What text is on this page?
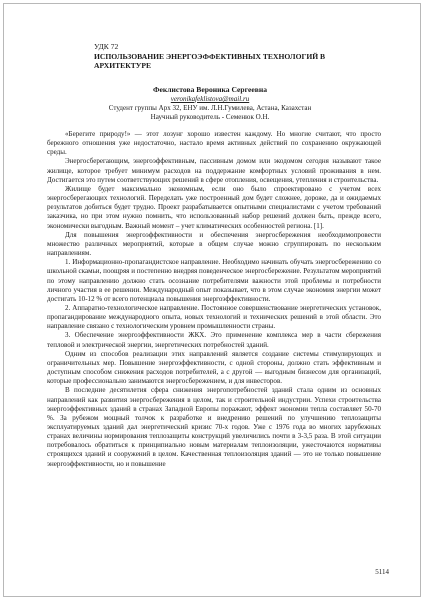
УДК 72
ИСПОЛЬЗОВАНИЕ ЭНЕРГОЭФФЕКТИВНЫХ ТЕХНОЛОГИЙ В АРХИТЕКТУРЕ
Феклистова Вероника Сергеевна
veronikafeklistova@mail.ru
Студент группы Арх 32, ЕНУ им. Л.Н.Гумилева, Астана, Казахстан
Научный руководитель - Семенюк О.Н.

«Берегите природу!» — этот лозунг хорошо известен каждому. Но многие считают, что просто бережного отношения уже недостаточно, настало время активных действий по сохранению окружающей среды.

Энергосберегающим, энергоэффективным, пассивным домом или экодомом сегодня называют такое жилище, которое требует минимум расходов на поддержание комфортных условий проживания в нем. Достигается это путем соответствующих решений в сфере отопления, освещения, утепления и строительства.

Жилище будет максимально экономным, если оно было спроектировано с учетом всех энергосберегающих технологий. Переделать уже построенный дом будет сложнее, дороже, да и ожидаемых результатов добиться будет трудно. Проект разрабатывается опытными специалистами с учетом требований заказчика, но при этом нужно помнить, что использованный набор решений должен быть, прежде всего, экономически выгодным. Важный момент – учет климатических особенностей региона. [1].

Для повышения энергоэффективности и обеспечения энергосбережения необходимопровести множество различных мероприятий, которые в общем случае можно сгруппировать по нескольким направлениям.

1. Информационно-пропагандистское направление. Необходимо начинать обучать энергосбережению со школьной скамьи, поощряя и постепенно внедряя поведенческое энергосбережение. Результатом мероприятий по этому направлению должно стать осознание потребителями важности этой проблемы и потребности личного участия в ее решении. Международный опыт показывает, что в этом случае экономия энергии может достигать 10-12 % от всего потенциала повышения энергоэффективности.

2. Аппаратно-технологическое направление. Постоянное совершенствование энергетических установок, пропагандирование международного опыта, новых технологий и технических решений в этой области. Это направление связано с технологическим уровнем промышленности страны.

3. Обеспечение энергоэффективности ЖКХ. Это применение комплекса мер в части сбережения тепловой и электрической энергии, энергетических потребностей зданий.

Одним из способов реализации этих направлений является создание системы стимулирующих и ограничительных мер. Повышение энергоэффективности, с одной стороны, должно стать эффективным и доступным способом снижения расходов потребителей, а с другой — выгодным бизнесом для организаций, которые профессионально занимаются энергосбережением, и для инвесторов.

В последние десятилетия сфера снижения энергопотребностей зданий стала одним из основных направлений как развития энергосбережения в целом, так и строительной индустрии. Успехи строительства энергоэффективных зданий в странах Западной Европы поражают, эффект экономии тепла составляет 50-70 %. За рубежом мощный толчок к разработке и внедрению решений по улучшению теплозащиты эксплуатируемых зданий дал энергетический кризис 70-х годов. Уже с 1976 года во многих зарубежных странах величины нормирования теплозащиты конструкций увеличились почти в 3-3,5 раза. В этой ситуации потребовалось обратиться к принципиально новым материалам теплоизоляции, ужесточаются нормативы строящихся зданий и сооружений в целом. Качественная теплоизоляция зданий — это не только повышение энергоэффективности, но и повышение

5114
